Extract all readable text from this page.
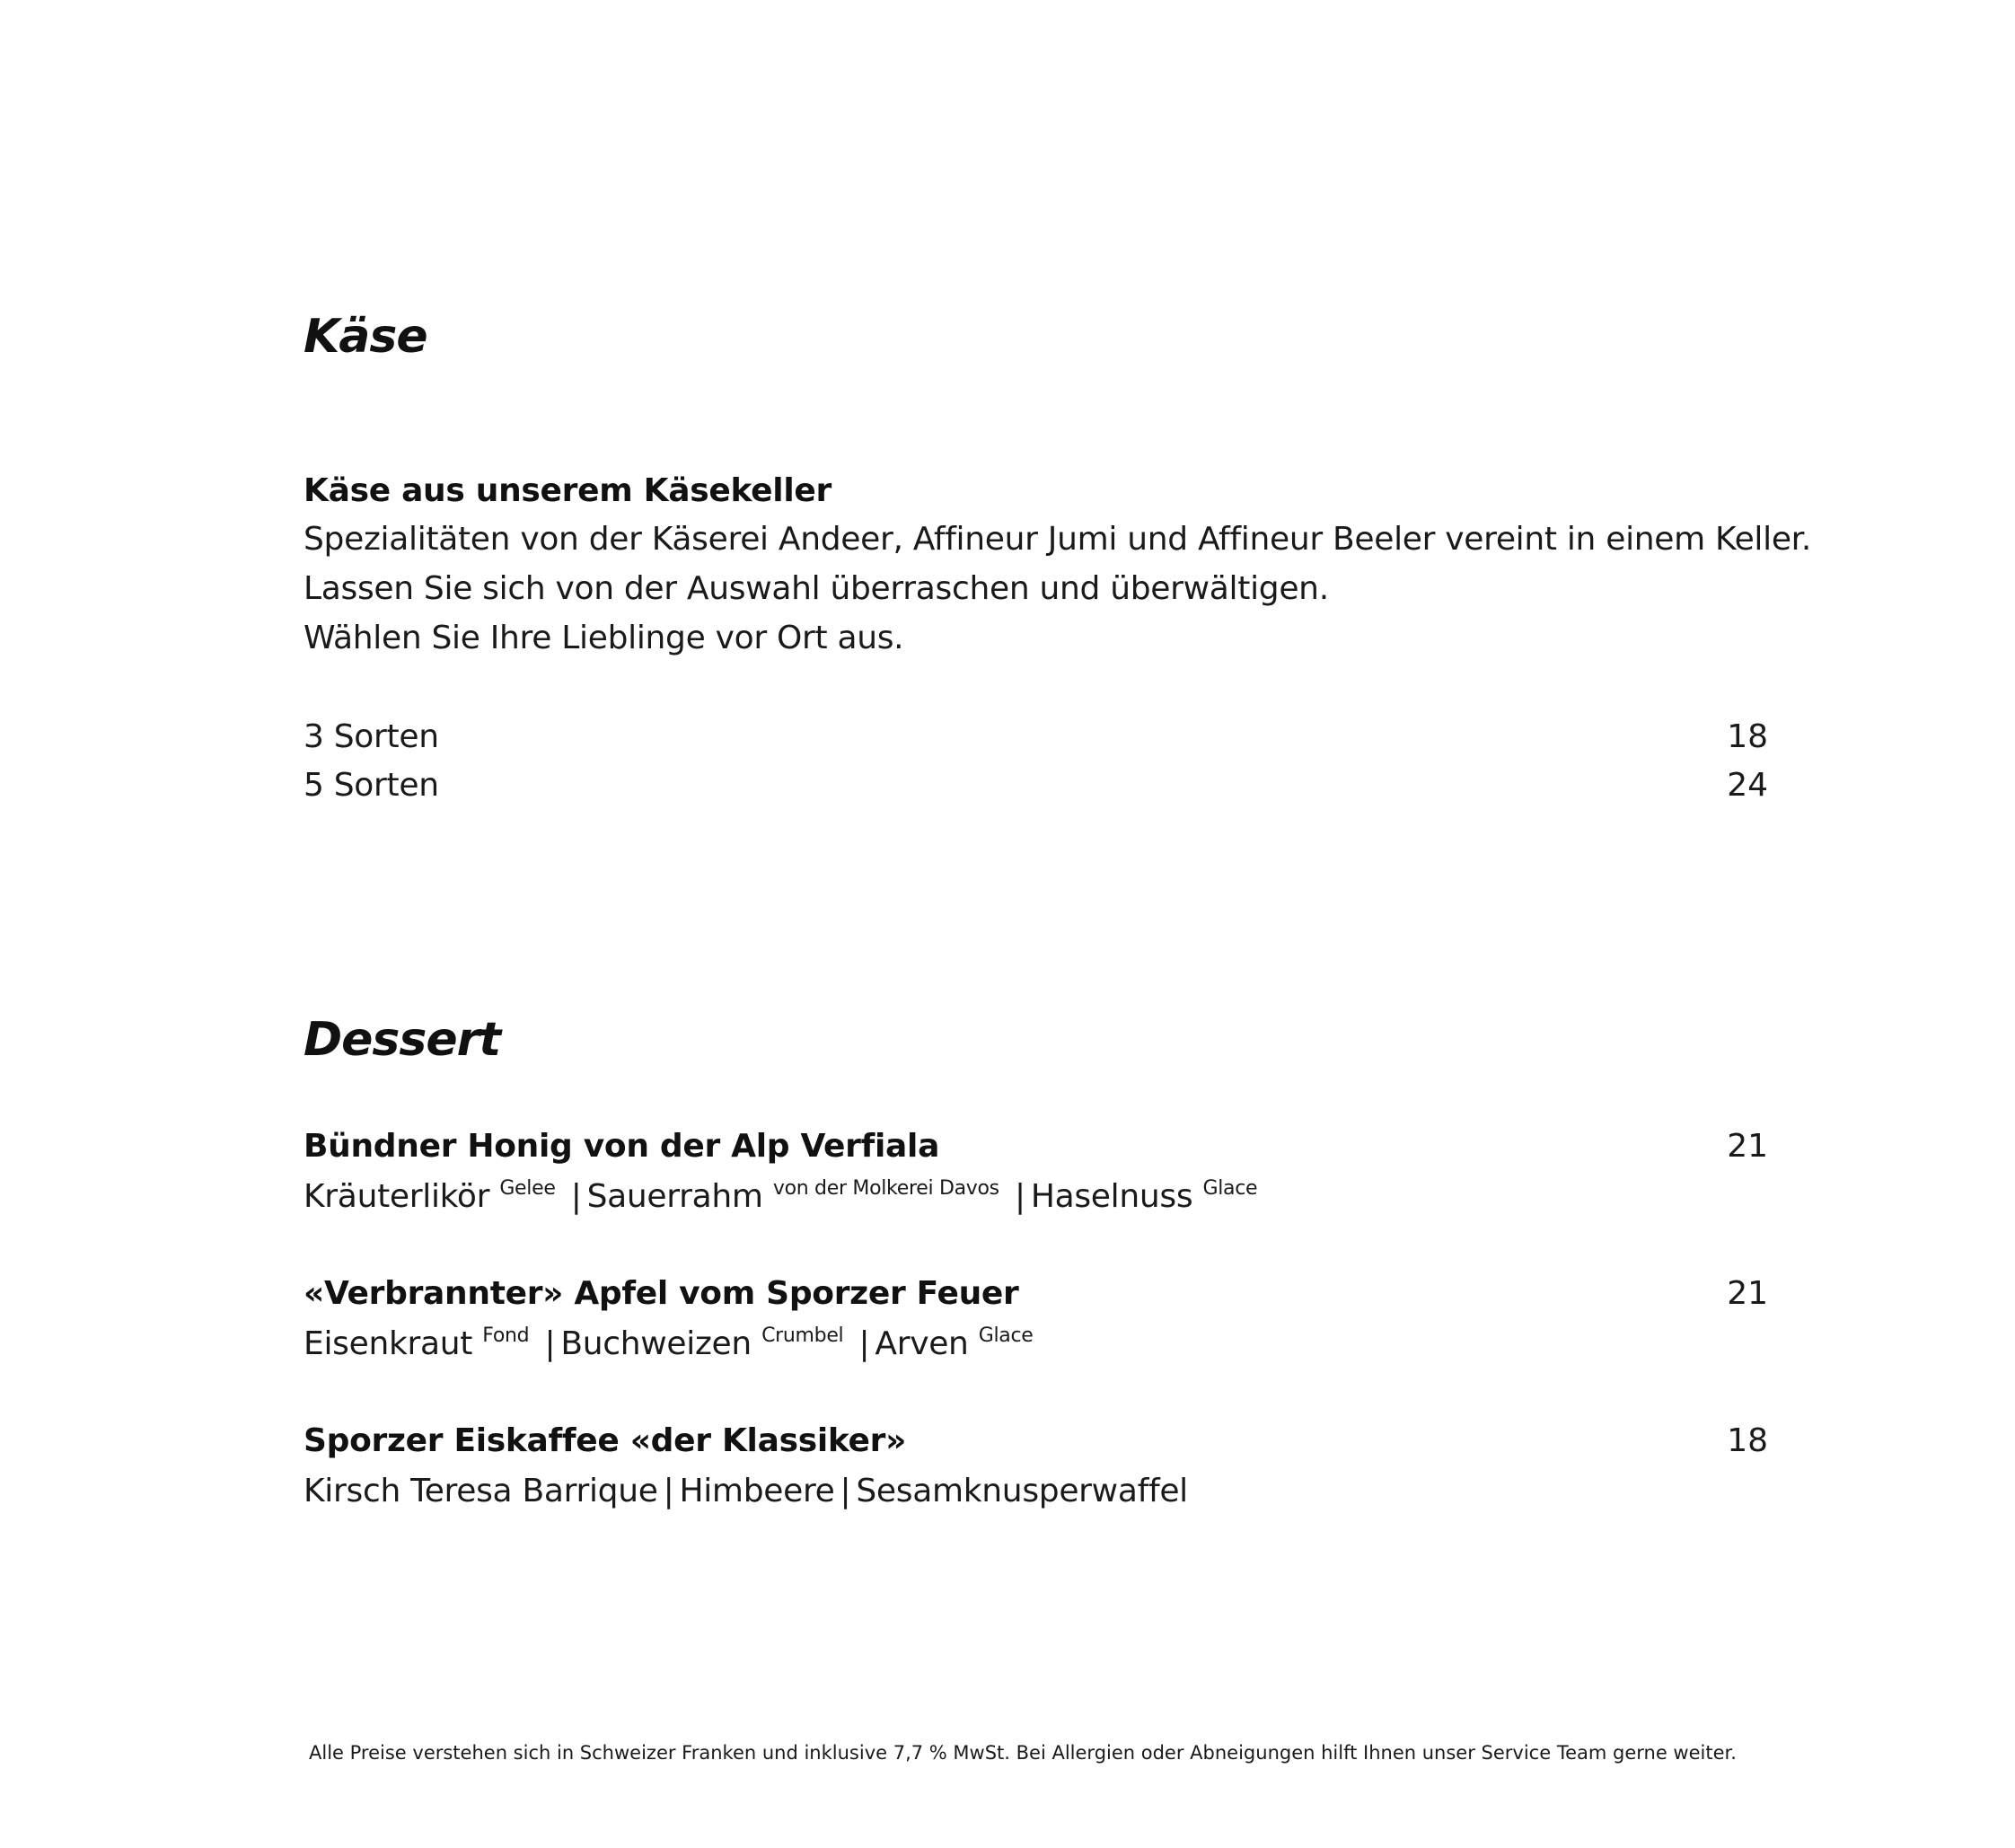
Käse
Käse aus unserem Käsekeller

Spezialitäten von der Käserei Andeer, Affineur Jumi und Affineur Beeler vereint in einem Keller.

Lassen Sie sich von der Auswahl überraschen und überwältigen.

Wählen Sie Ihre Lieblinge vor Ort aus.

3 Sorten	18

5 Sorten	24

Dessert
Bündner Honig von der Alp Verfiala	21

Kräuterlikör $^{Gelee}$ | Sauerrahm $^{von der Molkerei Davos}$ | Haselnuss $^{Glace}$

«Verbrannter» Apfel vom Sporzer Feuer	21

Eisenkraut $^{Fond}$ | Buchweizen $^{Crumbel}$ | Arven $^{Glace}$

Sporzer Eiskaffee «der Klassiker»	18

Kirsch Teresa Barrique | Himbeere | Sesamknusperwaffel

Alle Preise verstehen sich in Schweizer Franken und inklusive 7,7 % MwSt. Bei Allergien oder Abneigungen hilft Ihnen unser Service Team gerne weiter.
